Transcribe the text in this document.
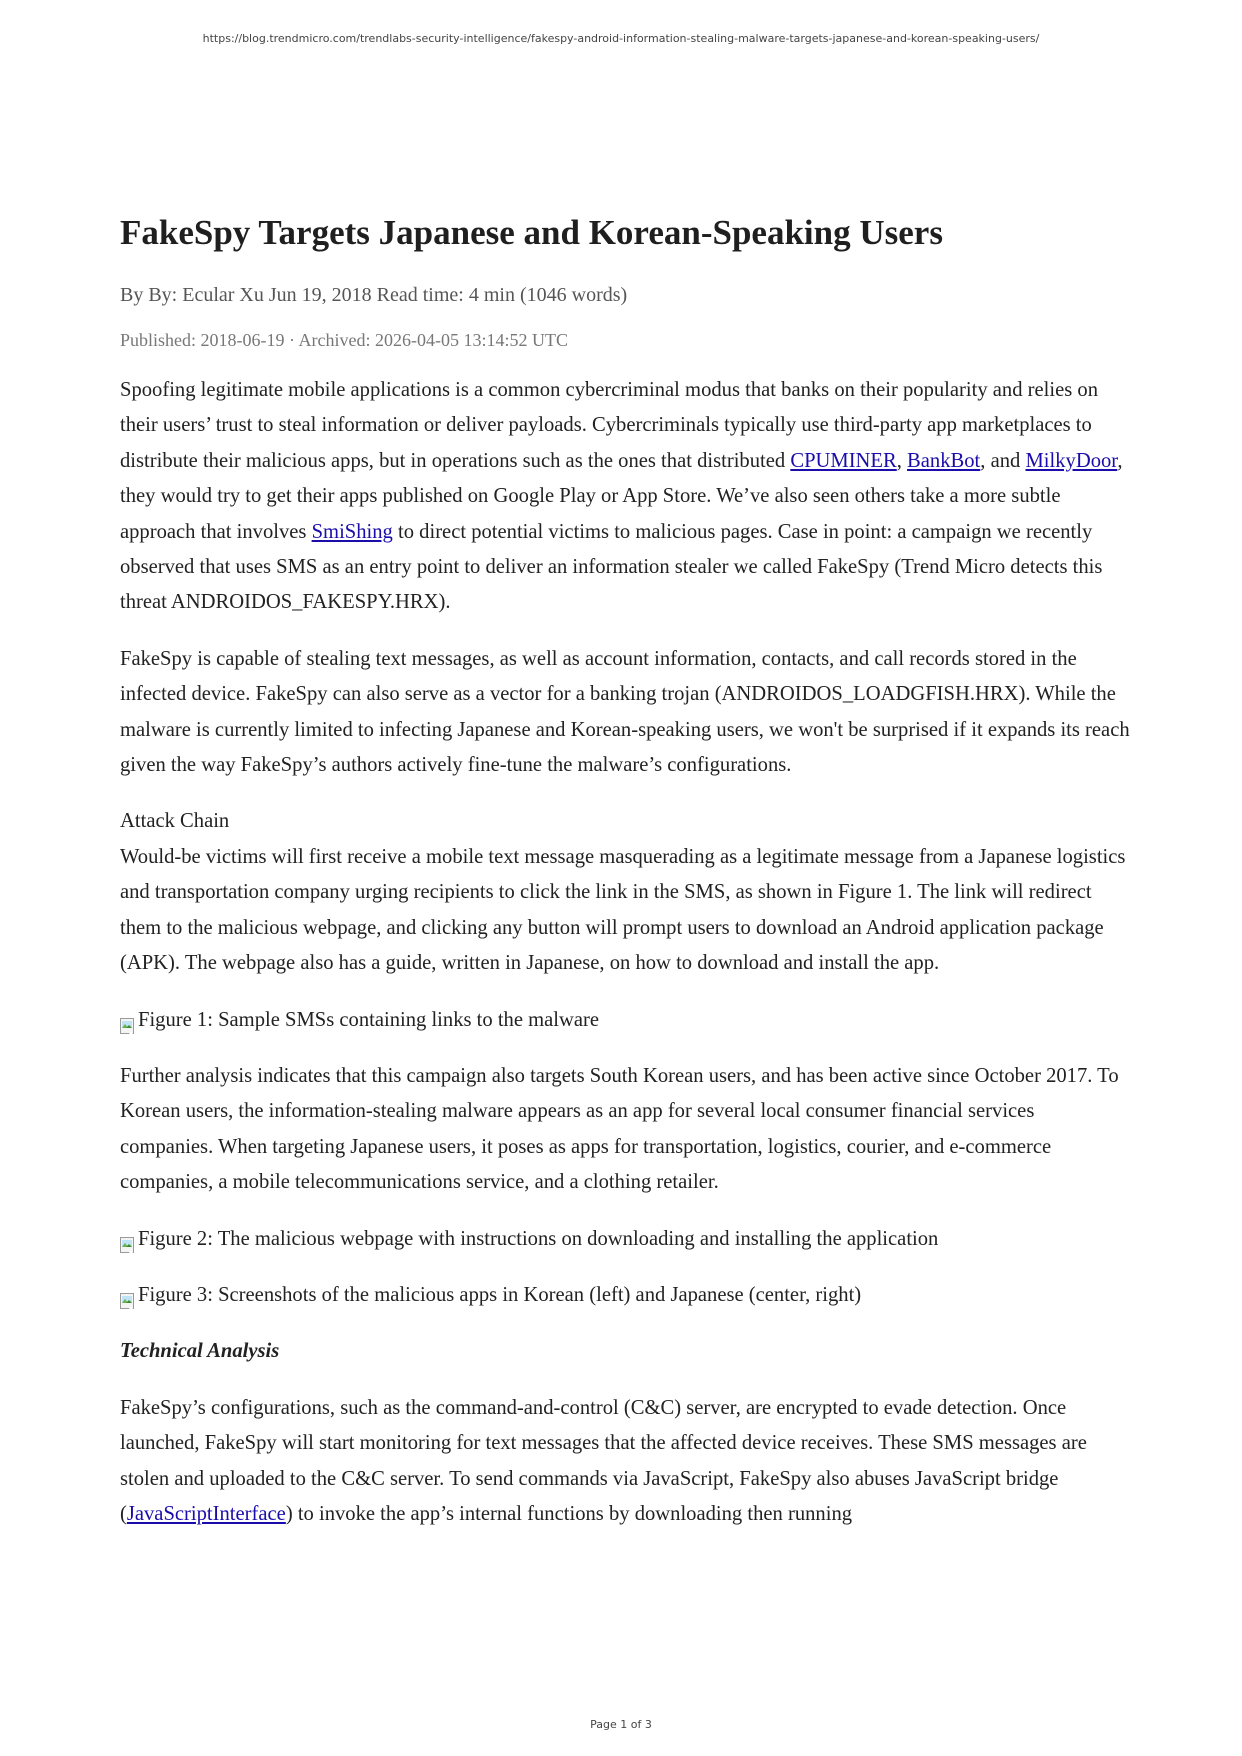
https://blog.trendmicro.com/trendlabs-security-intelligence/fakespy-android-information-stealing-malware-targets-japanese-and-korean-speaking-users/
FakeSpy Targets Japanese and Korean-Speaking Users
By By: Ecular Xu Jun 19, 2018 Read time: 4 min (1046 words)
Published: 2018-06-19 · Archived: 2026-04-05 13:14:52 UTC

Spoofing legitimate mobile applications is a common cybercriminal modus that banks on their popularity and relies on their users’ trust to steal information or deliver payloads. Cybercriminals typically use third-party app marketplaces to distribute their malicious apps, but in operations such as the ones that distributed CPUMINER, BankBot, and MilkyDoor, they would try to get their apps published on Google Play or App Store. We’ve also seen others take a more subtle approach that involves SmiShing to direct potential victims to malicious pages. Case in point: a campaign we recently observed that uses SMS as an entry point to deliver an information stealer we called FakeSpy (Trend Micro detects this threat ANDROIDOS_FAKESPY.HRX).

FakeSpy is capable of stealing text messages, as well as account information, contacts, and call records stored in the infected device. FakeSpy can also serve as a vector for a banking trojan (ANDROIDOS_LOADGFISH.HRX). While the malware is currently limited to infecting Japanese and Korean-speaking users, we won't be surprised if it expands its reach given the way FakeSpy’s authors actively fine-tune the malware’s configurations.

Attack Chain

Would-be victims will first receive a mobile text message masquerading as a legitimate message from a Japanese logistics and transportation company urging recipients to click the link in the SMS, as shown in Figure 1. The link will redirect them to the malicious webpage, and clicking any button will prompt users to download an Android application package (APK). The webpage also has a guide, written in Japanese, on how to download and install the app.

Figure 1: Sample SMSs containing links to the malware

Further analysis indicates that this campaign also targets South Korean users, and has been active since October 2017. To Korean users, the information-stealing malware appears as an app for several local consumer financial services companies. When targeting Japanese users, it poses as apps for transportation, logistics, courier, and e-commerce companies, a mobile telecommunications service, and a clothing retailer.

Figure 2: The malicious webpage with instructions on downloading and installing the application
Figure 3: Screenshots of the malicious apps in Korean (left) and Japanese (center, right)
Technical Analysis

FakeSpy’s configurations, such as the command-and-control (C&C) server, are encrypted to evade detection. Once launched, FakeSpy will start monitoring for text messages that the affected device receives. These SMS messages are stolen and uploaded to the C&C server. To send commands via JavaScript, FakeSpy also abuses JavaScript bridge (JavaScriptInterface) to invoke the app’s internal functions by downloading then running

Page 1 of 3
